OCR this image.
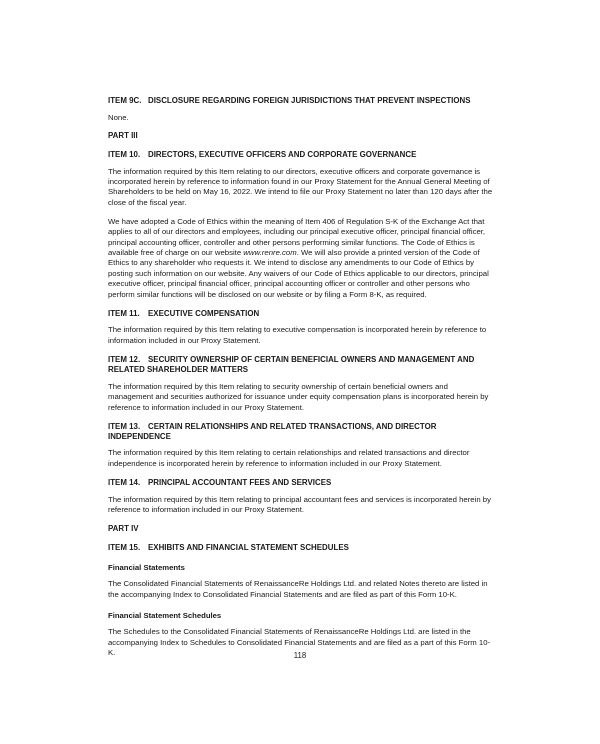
ITEM 9C. DISCLOSURE REGARDING FOREIGN JURISDICTIONS THAT PREVENT INSPECTIONS
None.
PART III
ITEM 10. DIRECTORS, EXECUTIVE OFFICERS AND CORPORATE GOVERNANCE
The information required by this Item relating to our directors, executive officers and corporate governance is incorporated herein by reference to information found in our Proxy Statement for the Annual General Meeting of Shareholders to be held on May 16, 2022. We intend to file our Proxy Statement no later than 120 days after the close of the fiscal year.
We have adopted a Code of Ethics within the meaning of Item 406 of Regulation S-K of the Exchange Act that applies to all of our directors and employees, including our principal executive officer, principal financial officer, principal accounting officer, controller and other persons performing similar functions. The Code of Ethics is available free of charge on our website www.renre.com. We will also provide a printed version of the Code of Ethics to any shareholder who requests it. We intend to disclose any amendments to our Code of Ethics by posting such information on our website. Any waivers of our Code of Ethics applicable to our directors, principal executive officer, principal financial officer, principal accounting officer or controller and other persons who perform similar functions will be disclosed on our website or by filing a Form 8-K, as required.
ITEM 11. EXECUTIVE COMPENSATION
The information required by this Item relating to executive compensation is incorporated herein by reference to information included in our Proxy Statement.
ITEM 12. SECURITY OWNERSHIP OF CERTAIN BENEFICIAL OWNERS AND MANAGEMENT AND RELATED SHAREHOLDER MATTERS
The information required by this Item relating to security ownership of certain beneficial owners and management and securities authorized for issuance under equity compensation plans is incorporated herein by reference to information included in our Proxy Statement.
ITEM 13. CERTAIN RELATIONSHIPS AND RELATED TRANSACTIONS, AND DIRECTOR INDEPENDENCE
The information required by this Item relating to certain relationships and related transactions and director independence is incorporated herein by reference to information included in our Proxy Statement.
ITEM 14. PRINCIPAL ACCOUNTANT FEES AND SERVICES
The information required by this Item relating to principal accountant fees and services is incorporated herein by reference to information included in our Proxy Statement.
PART IV
ITEM 15. EXHIBITS AND FINANCIAL STATEMENT SCHEDULES
Financial Statements
The Consolidated Financial Statements of RenaissanceRe Holdings Ltd. and related Notes thereto are listed in the accompanying Index to Consolidated Financial Statements and are filed as part of this Form 10-K.
Financial Statement Schedules
The Schedules to the Consolidated Financial Statements of RenaissanceRe Holdings Ltd. are listed in the accompanying Index to Schedules to Consolidated Financial Statements and are filed as a part of this Form 10-K.	118
